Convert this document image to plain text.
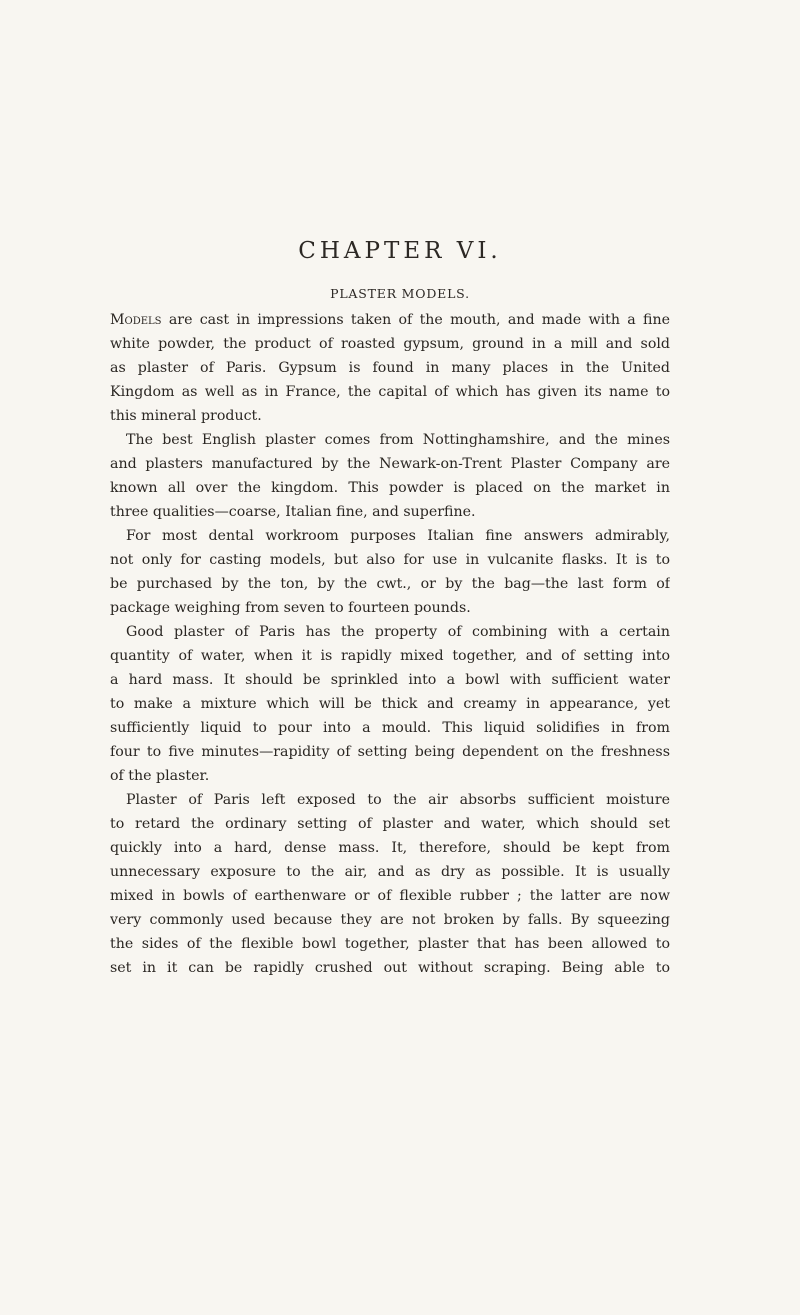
CHAPTER VI.
PLASTER MODELS.
Models are cast in impressions taken of the mouth, and made with a fine
white powder, the product of roasted gypsum, ground in a mill and sold
as plaster of Paris. Gypsum is found in many places in the United
Kingdom as well as in France, the capital of which has given its name to
this mineral product.
The best English plaster comes from Nottinghamshire, and the mines
and plasters manufactured by the Newark-on-Trent Plaster Company are
known all over the kingdom. This powder is placed on the market in
three qualities—coarse, Italian fine, and superfine.
For most dental workroom purposes Italian fine answers admirably,
not only for casting models, but also for use in vulcanite flasks. It is to
be purchased by the ton, by the cwt., or by the bag—the last form of
package weighing from seven to fourteen pounds.
Good plaster of Paris has the property of combining with a certain
quantity of water, when it is rapidly mixed together, and of setting into
a hard mass. It should be sprinkled into a bowl with sufficient water
to make a mixture which will be thick and creamy in appearance, yet
sufficiently liquid to pour into a mould. This liquid solidifies in from
four to five minutes—rapidity of setting being dependent on the freshness
of the plaster.
Plaster of Paris left exposed to the air absorbs sufficient moisture
to retard the ordinary setting of plaster and water, which should set
quickly into a hard, dense mass. It, therefore, should be kept from
unnecessary exposure to the air, and as dry as possible. It is usually
mixed in bowls of earthenware or of flexible rubber ; the latter are now
very commonly used because they are not broken by falls. By squeezing
the sides of the flexible bowl together, plaster that has been allowed to
set in it can be rapidly crushed out without scraping. Being able to
